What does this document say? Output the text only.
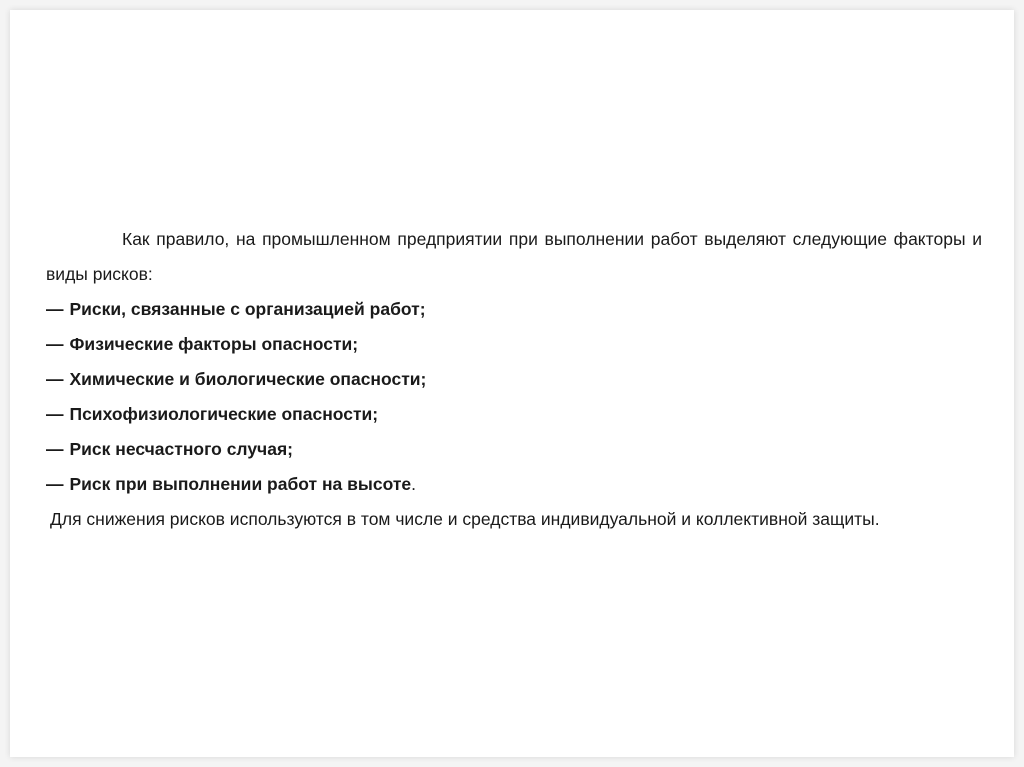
Как правило, на промышленном предприятии при выполнении работ выделяют следующие факторы и виды рисков:

— Риски, связанные с организацией работ;
— Физические факторы опасности;
— Химические и биологические опасности;
— Психофизиологические опасности;
— Риск несчастного случая;
— Риск при выполнении работ на высоте.

Для снижения рисков используются в том числе и средства индивидуальной и коллективной защиты.
